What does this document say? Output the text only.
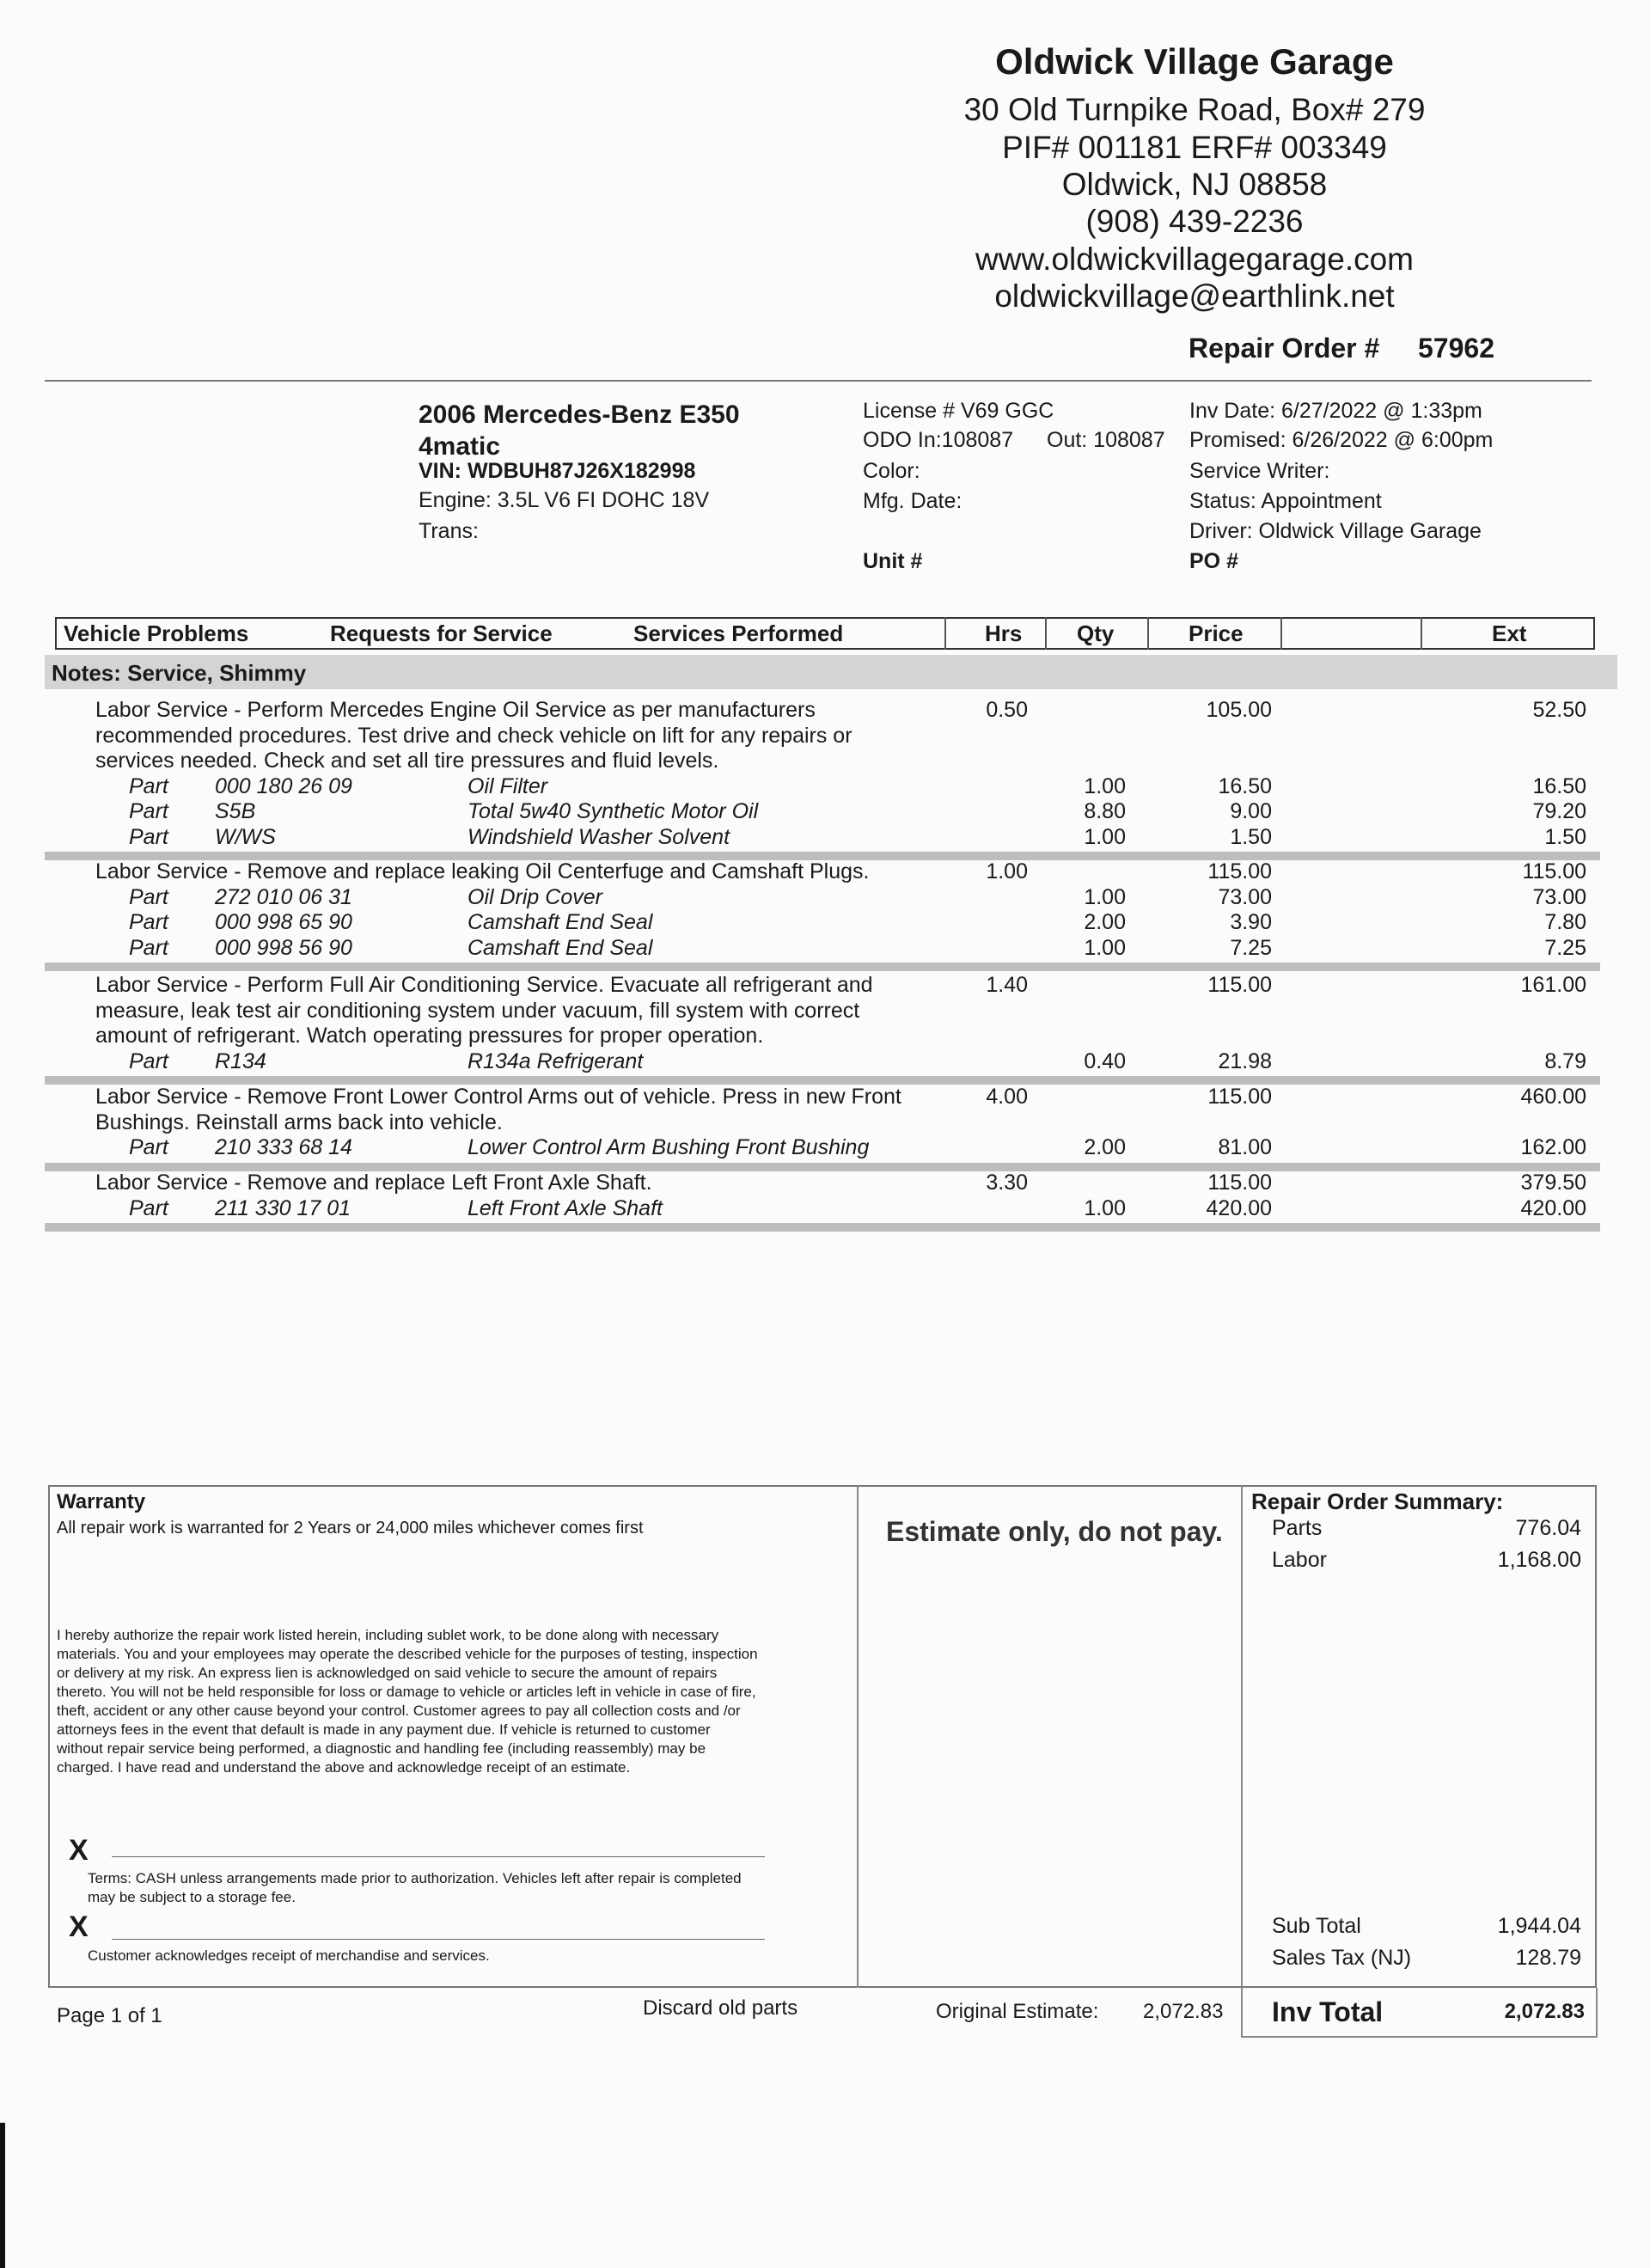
Oldwick Village Garage
30 Old Turnpike Road, Box# 279
PIF# 001181 ERF# 003349
Oldwick, NJ 08858
(908) 439-2236
www.oldwickvillagegarage.com
oldwickvillage@earthlink.net
Repair Order # 57962
2006 Mercedes-Benz E350
4matic
VIN: WDBUH87J26X182998
Engine: 3.5L V6 FI DOHC 18V
Trans:
License # V69 GGC
ODO In:108087 Out: 108087
Color:
Mfg. Date:
Unit #
Inv Date: 6/27/2022 @ 1:33pm
Promised: 6/26/2022 @ 6:00pm
Service Writer:
Status: Appointment
Driver: Oldwick Village Garage
PO #
Vehicle Problems	Requests for Service	Services Performed	Hrs Qty	Price	Ext
Notes: Service, Shimmy
Labor Service - Perform Mercedes Engine Oil Service as per manufacturers
recommended procedures. Test drive and check vehicle on lift for any repairs or
services needed. Check and set all tire pressures and fluid levels.
0.50	105.00	52.50
Part 000 180 26 09	Oil Filter	1.00	16.50	16.50
Part S5B	Total 5w40 Synthetic Motor Oil	8.80	9.00	79.20
Part W/WS	Windshield Washer Solvent	1.00	1.50	1.50
Labor Service - Remove and replace leaking Oil Centerfuge and Camshaft Plugs.	1.00	115.00	115.00
Part 272 010 06 31	Oil Drip Cover	1.00	73.00	73.00
Part 000 998 65 90	Camshaft End Seal	2.00	3.90	7.80
Part 000 998 56 90	Camshaft End Seal	1.00	7.25	7.25
Labor Service - Perform Full Air Conditioning Service. Evacuate all refrigerant and
measure, leak test air conditioning system under vacuum, fill system with correct
amount of refrigerant. Watch operating pressures for proper operation.
1.40	115.00	161.00
Part R134	R134a Refrigerant	0.40	21.98	8.79
Labor Service - Remove Front Lower Control Arms out of vehicle. Press in new Front
Bushings. Reinstall arms back into vehicle.
4.00	115.00	460.00
Part 210 333 68 14	Lower Control Arm Bushing Front Bushing	2.00	81.00	162.00
Labor Service - Remove and replace Left Front Axle Shaft.	3.30	115.00	379.50
Part 211 330 17 01	Left Front Axle Shaft	1.00	420.00	420.00
Warranty
All repair work is warranted for 2 Years or 24,000 miles whichever comes first
I hereby authorize the repair work listed herein, including sublet work, to be done along with necessary
materials. You and your employees may operate the described vehicle for the purposes of testing, inspection
or delivery at my risk. An express lien is acknowledged on said vehicle to secure the amount of repairs
thereto. You will not be held responsible for loss or damage to vehicle or articles left in vehicle in case of fire,
theft, accident or any other cause beyond your control. Customer agrees to pay all collection costs and /or
attorneys fees in the event that default is made in any payment due. If vehicle is returned to customer
without repair service being performed, a diagnostic and handling fee (including reassembly) may be
charged. I have read and understand the above and acknowledge receipt of an estimate.
X
Terms: CASH unless arrangements made prior to authorization. Vehicles left after repair is completed
may be subject to a storage fee.
X
Customer acknowledges receipt of merchandise and services.
Estimate only, do not pay.
Repair Order Summary:
Parts	776.04
Labor	1,168.00
Sub Total	1,944.04
Sales Tax (NJ)	128.79
Inv Total	2,072.83
Page 1 of 1	Discard old parts	Original Estimate: 2,072.83
